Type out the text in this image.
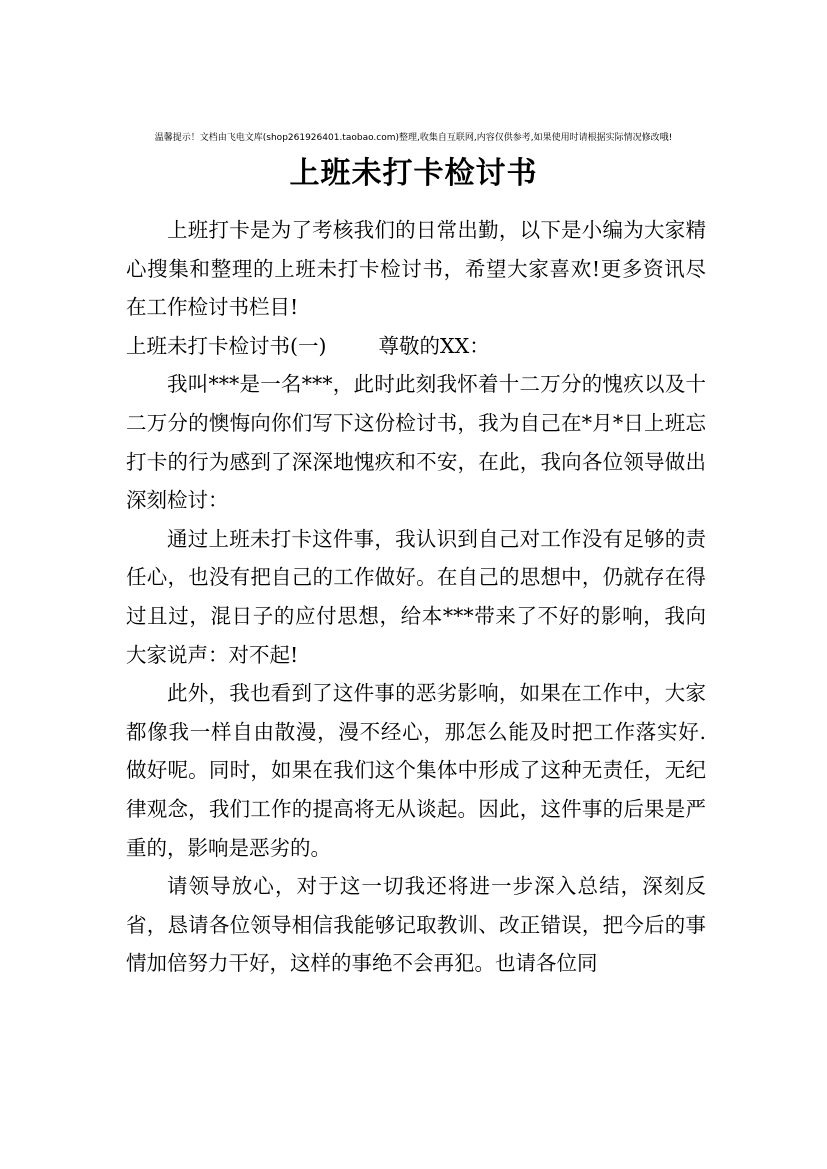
温馨提示！文档由飞电文库(shop261926401.taobao.com)整理,收集自互联网,内容仅供参考,如果使用时请根据实际情况修改哦!
上班未打卡检讨书

上班打卡是为了考核我们的日常出勤，以下是小编为大家精心搜集和整理的上班未打卡检讨书，希望大家喜欢!更多资讯尽在工作检讨书栏目!

上班未打卡检讨书(一)	尊敬的XX：

我叫***是一名***，此时此刻我怀着十二万分的愧疚以及十二万分的懊悔向你们写下这份检讨书，我为自己在*月*日上班忘打卡的行为感到了深深地愧疚和不安，在此，我向各位领导做出深刻检讨：

通过上班未打卡这件事，我认识到自己对工作没有足够的责任心，也没有把自己的工作做好。在自己的思想中，仍就存在得过且过，混日子的应付思想，给本***带来了不好的影响，我向大家说声：对不起!

此外，我也看到了这件事的恶劣影响，如果在工作中，大家都像我一样自由散漫，漫不经心，那怎么能及时把工作落实好.做好呢。同时，如果在我们这个集体中形成了这种无责任，无纪律观念，我们工作的提高将无从谈起。因此，这件事的后果是严重的，影响是恶劣的。

请领导放心，对于这一切我还将进一步深入总结，深刻反省，恳请各位领导相信我能够记取教训、改正错误，把今后的事情加倍努力干好，这样的事绝不会再犯。也请各位同
